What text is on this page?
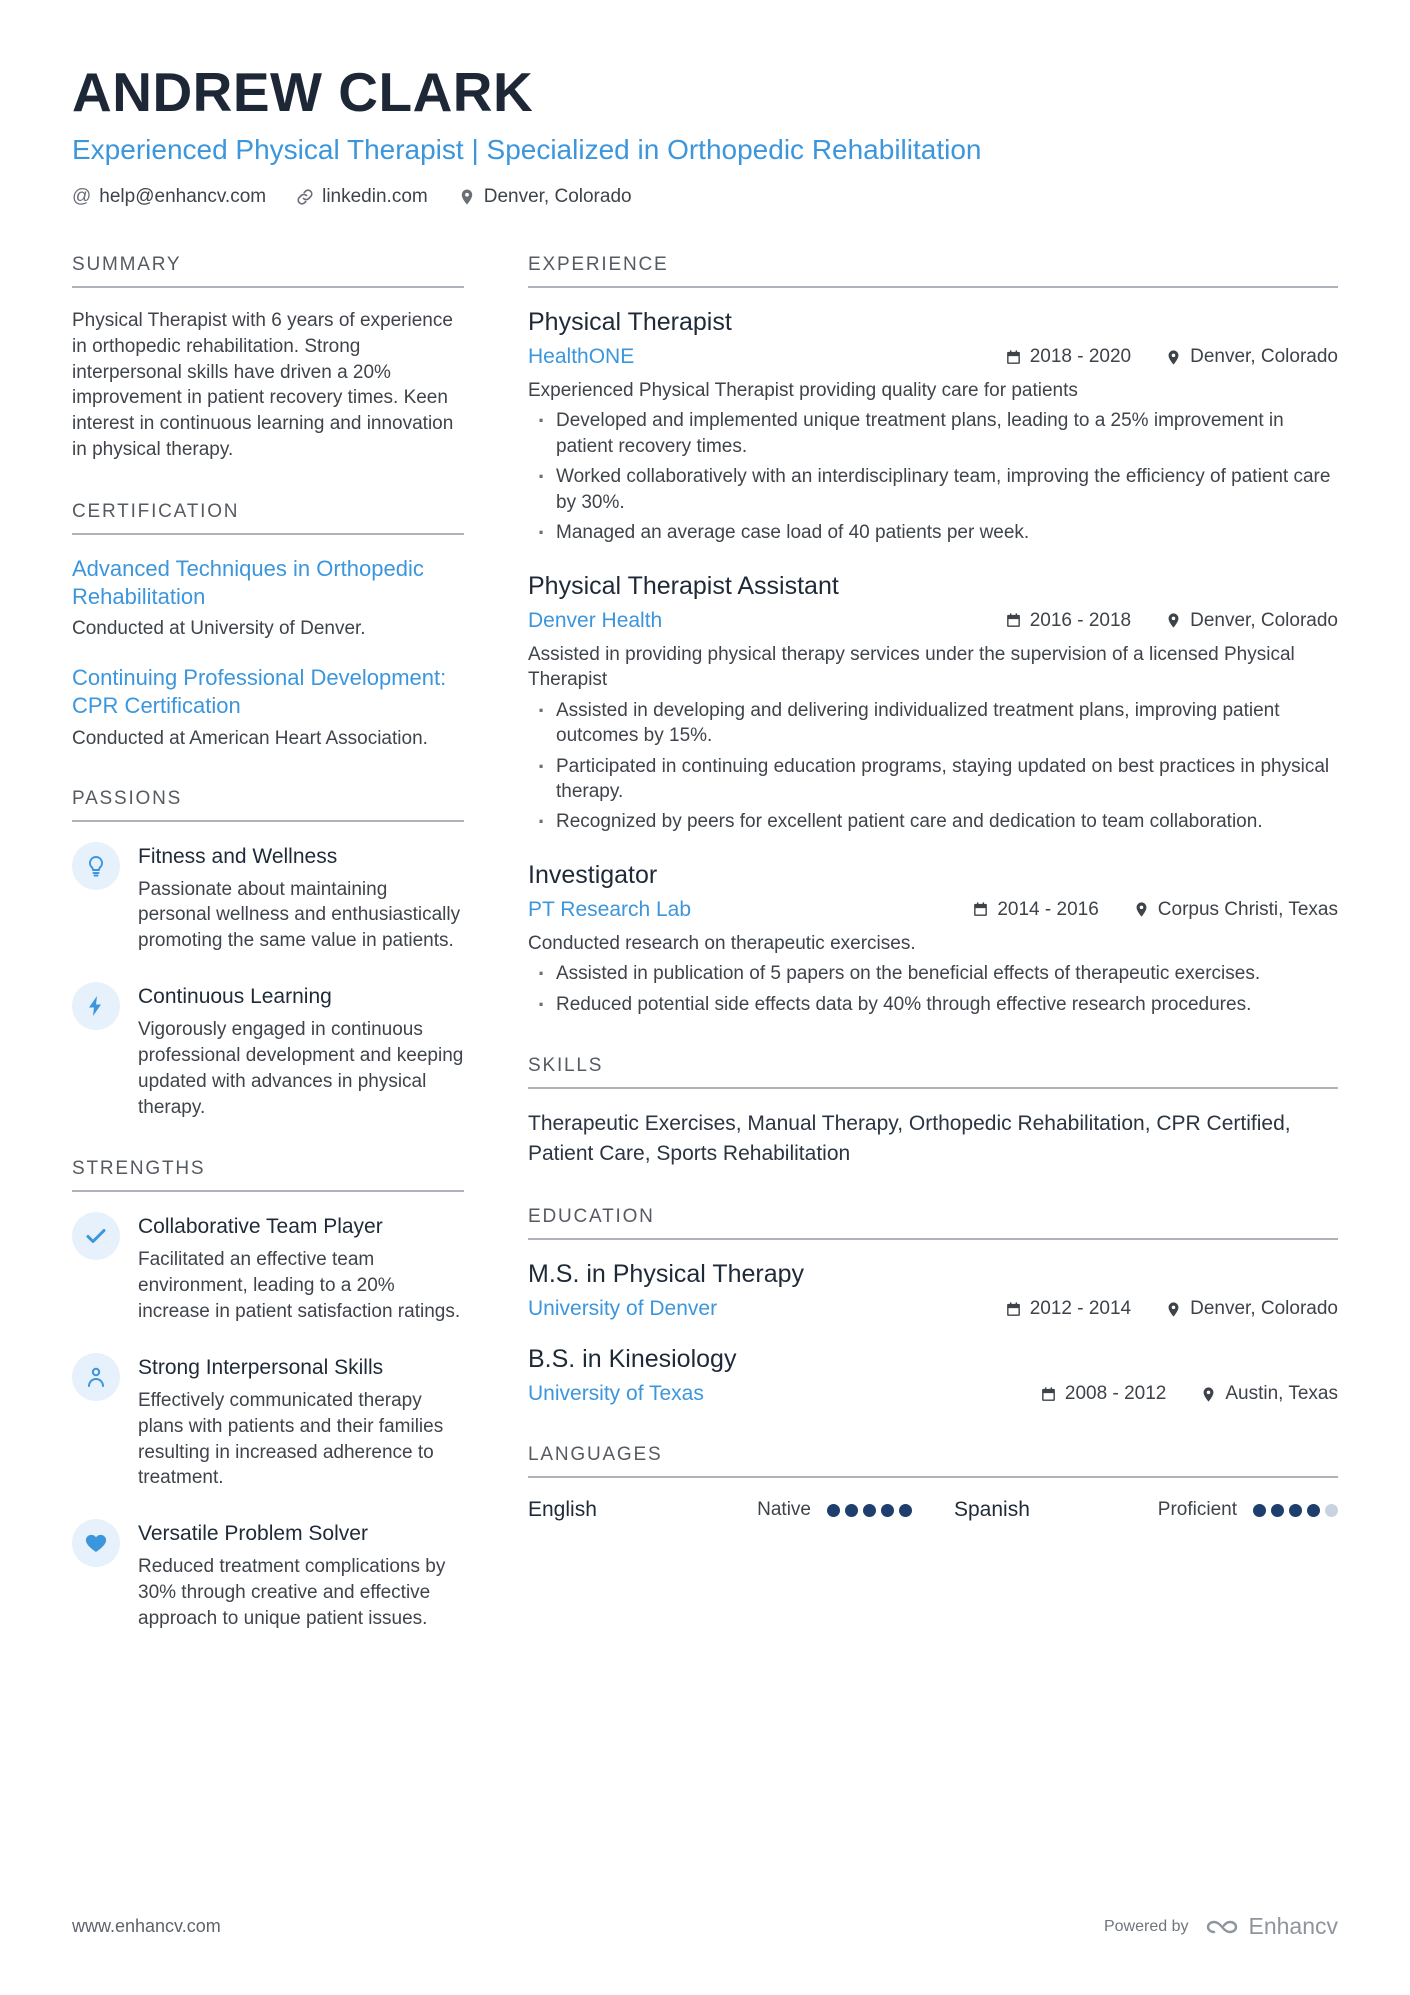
ANDREW CLARK
Experienced Physical Therapist | Specialized in Orthopedic Rehabilitation
@ help@enhancv.com	linkedin.com	Denver, Colorado
SUMMARY

Physical Therapist with 6 years of experience in orthopedic rehabilitation. Strong interpersonal skills have driven a 20% improvement in patient recovery times. Keen interest in continuous learning and innovation in physical therapy.

CERTIFICATION
Advanced Techniques in Orthopedic Rehabilitation
Conducted at University of Denver.
Continuing Professional Development: CPR Certification
Conducted at American Heart Association.
PASSIONS
Fitness and Wellness
Passionate about maintaining personal wellness and enthusiastically promoting the same value in patients.
Continuous Learning
Vigorously engaged in continuous professional development and keeping updated with advances in physical therapy.
STRENGTHS
Collaborative Team Player
Facilitated an effective team environment, leading to a 20% increase in patient satisfaction ratings.
Strong Interpersonal Skills
Effectively communicated therapy plans with patients and their families resulting in increased adherence to treatment.
Versatile Problem Solver
Reduced treatment complications by 30% through creative and effective approach to unique patient issues.
EXPERIENCE
Physical Therapist
HealthONE	2018 - 2020	Denver, Colorado
Experienced Physical Therapist providing quality care for patients
· Developed and implemented unique treatment plans, leading to a 25% improvement in patient recovery times.
· Worked collaboratively with an interdisciplinary team, improving the efficiency of patient care by 30%.
· Managed an average case load of 40 patients per week.
Physical Therapist Assistant
Denver Health	2016 - 2018	Denver, Colorado
Assisted in providing physical therapy services under the supervision of a licensed Physical Therapist
· Assisted in developing and delivering individualized treatment plans, improving patient outcomes by 15%.
· Participated in continuing education programs, staying updated on best practices in physical therapy.
· Recognized by peers for excellent patient care and dedication to team collaboration.
Investigator
PT Research Lab	2014 - 2016	Corpus Christi, Texas
Conducted research on therapeutic exercises.
· Assisted in publication of 5 papers on the beneficial effects of therapeutic exercises.
· Reduced potential side effects data by 40% through effective research procedures.
SKILLS
Therapeutic Exercises, Manual Therapy, Orthopedic Rehabilitation, CPR Certified, Patient Care, Sports Rehabilitation
EDUCATION
M.S. in Physical Therapy
University of Denver	2012 - 2014	Denver, Colorado
B.S. in Kinesiology
University of Texas	2008 - 2012	Austin, Texas
LANGUAGES
English	Native	Spanish	Proficient
www.enhancv.com	Powered by	Enhancv
